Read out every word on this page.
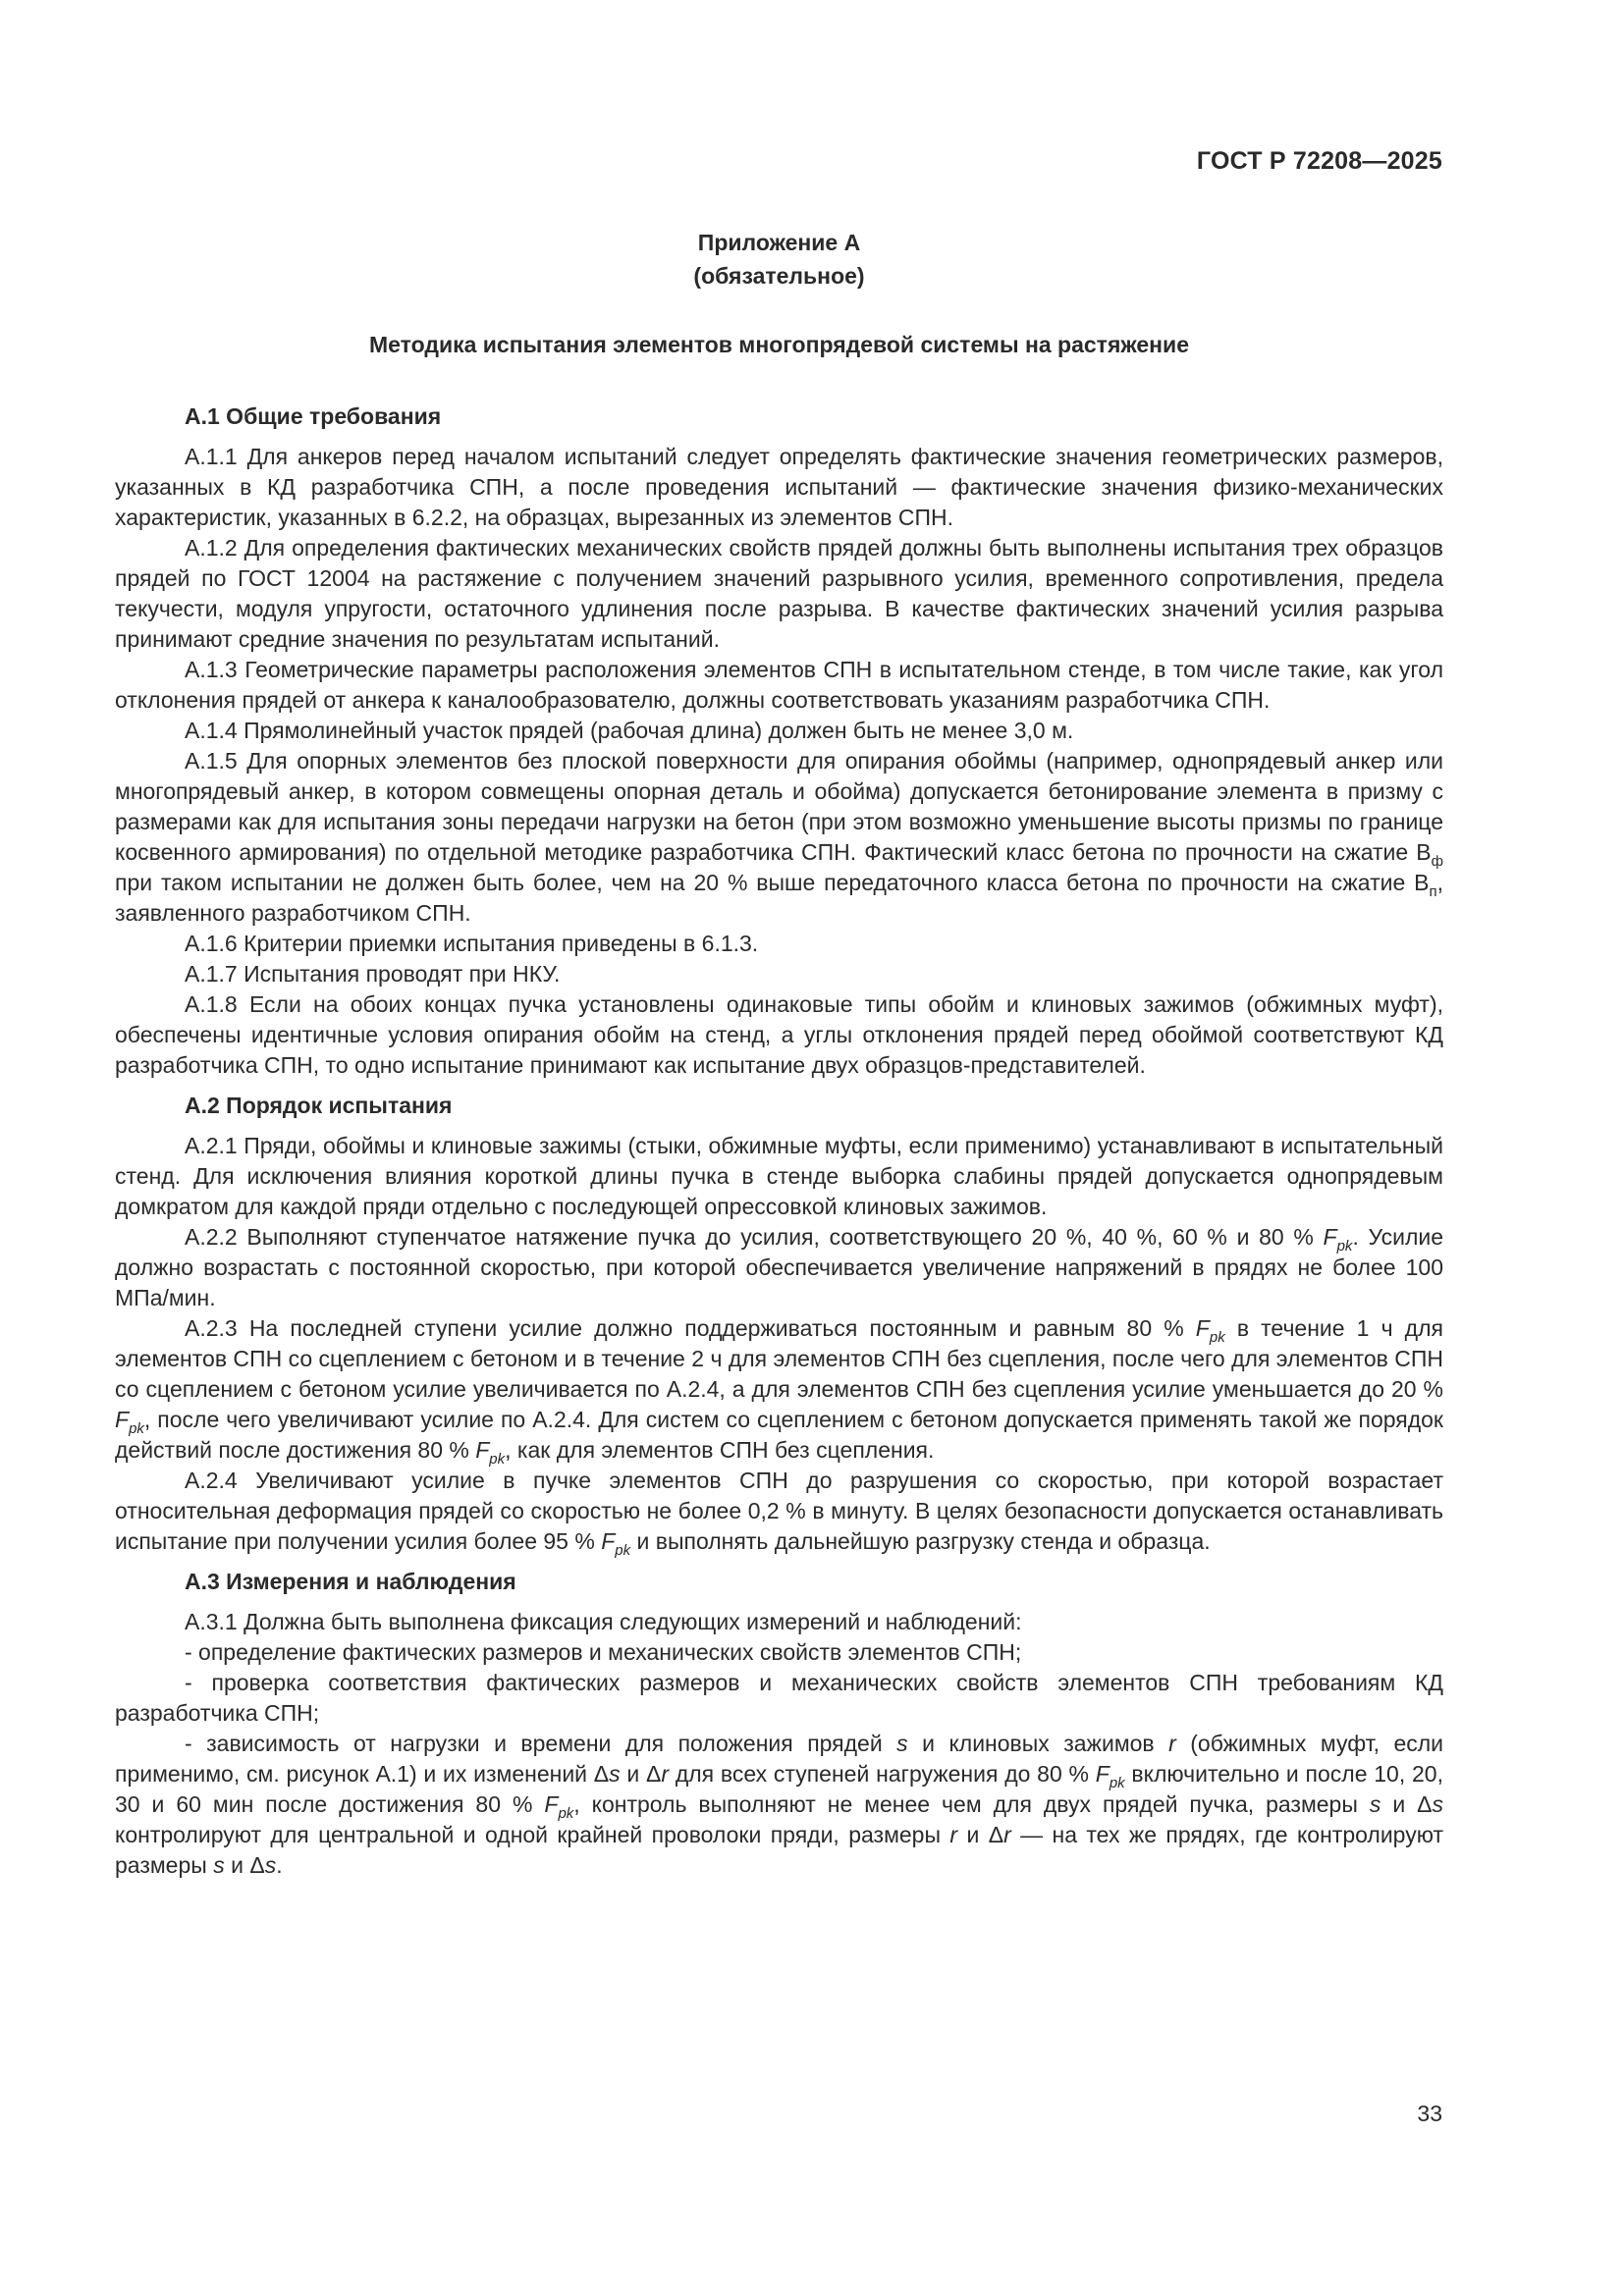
ГОСТ Р 72208—2025

Приложение А

(обязательное)

Методика испытания элементов многопрядевой системы на растяжение
А.1 Общие требования

А.1.1 Для анкеров перед началом испытаний следует определять фактические значения геометрических размеров, указанных в КД разработчика СПН, а после проведения испытаний — фактические значения физико-механических характеристик, указанных в 6.2.2, на образцах, вырезанных из элементов СПН.

А.1.2 Для определения фактических механических свойств прядей должны быть выполнены испытания трех образцов прядей по ГОСТ 12004 на растяжение с получением значений разрывного усилия, временного сопротивления, предела текучести, модуля упругости, остаточного удлинения после разрыва. В качестве фактических значений усилия разрыва принимают средние значения по результатам испытаний.

А.1.3 Геометрические параметры расположения элементов СПН в испытательном стенде, в том числе такие, как угол отклонения прядей от анкера к каналообразователю, должны соответствовать указаниям разработчика СПН.

А.1.4 Прямолинейный участок прядей (рабочая длина) должен быть не менее 3,0 м.

А.1.5 Для опорных элементов без плоской поверхности для опирания обоймы (например, однопрядевый анкер или многопрядевый анкер, в котором совмещены опорная деталь и обойма) допускается бетонирование элемента в призму с размерами как для испытания зоны передачи нагрузки на бетон (при этом возможно уменьшение высоты призмы по границе косвенного армирования) по отдельной методике разработчика СПН. Фактический класс бетона по прочности на сжатие $В_ф$ при таком испытании не должен быть более, чем на 20 % выше передаточного класса бетона по прочности на сжатие $В_п$, заявленного разработчиком СПН.

А.1.6 Критерии приемки испытания приведены в 6.1.3.

А.1.7 Испытания проводят при НКУ.

А.1.8 Если на обоих концах пучка установлены одинаковые типы обойм и клиновых зажимов (обжимных муфт), обеспечены идентичные условия опирания обойм на стенд, а углы отклонения прядей перед обоймой соответствуют КД разработчика СПН, то одно испытание принимают как испытание двух образцов-представителей.

А.2 Порядок испытания

А.2.1 Пряди, обоймы и клиновые зажимы (стыки, обжимные муфты, если применимо) устанавливают в испытательный стенд. Для исключения влияния короткой длины пучка в стенде выборка слабины прядей допускается однопрядевым домкратом для каждой пряди отдельно с последующей опрессовкой клиновых зажимов.

А.2.2 Выполняют ступенчатое натяжение пучка до усилия, соответствующего 20 %, 40 %, 60 % и 80 % $F_{pk}$. Усилие должно возрастать с постоянной скоростью, при которой обеспечивается увеличение напряжений в прядях не более 100 МПа/мин.

А.2.3 На последней ступени усилие должно поддерживаться постоянным и равным 80 % $F_{pk}$ в течение 1 ч для элементов СПН со сцеплением с бетоном и в течение 2 ч для элементов СПН без сцепления, после чего для элементов СПН со сцеплением с бетоном усилие увеличивается по А.2.4, а для элементов СПН без сцепления усилие уменьшается до 20 % $F_{pk}$, после чего увеличивают усилие по А.2.4. Для систем со сцеплением с бетоном допускается применять такой же порядок действий после достижения 80 % $F_{pk}$, как для элементов СПН без сцепления.

А.2.4 Увеличивают усилие в пучке элементов СПН до разрушения со скоростью, при которой возрастает относительная деформация прядей со скоростью не более 0,2 % в минуту. В целях безопасности допускается останавливать испытание при получении усилия более 95 % $F_{pk}$ и выполнять дальнейшую разгрузку стенда и образца.

А.3 Измерения и наблюдения

А.3.1 Должна быть выполнена фиксация следующих измерений и наблюдений:

- определение фактических размеров и механических свойств элементов СПН;

- проверка соответствия фактических размеров и механических свойств элементов СПН требованиям КД разработчика СПН;

- зависимость от нагрузки и времени для положения прядей s и клиновых зажимов r (обжимных муфт, если применимо, см. рисунок А.1) и их изменений Δs и Δr для всех ступеней нагружения до 80 % $F_{pk}$ включительно и после 10, 20, 30 и 60 мин после достижения 80 % $F_{pk}$, контроль выполняют не менее чем для двух прядей пучка, размеры s и Δs контролируют для центральной и одной крайней проволоки пряди, размеры r и Δr — на тех же прядях, где контролируют размеры s и Δs.

33
